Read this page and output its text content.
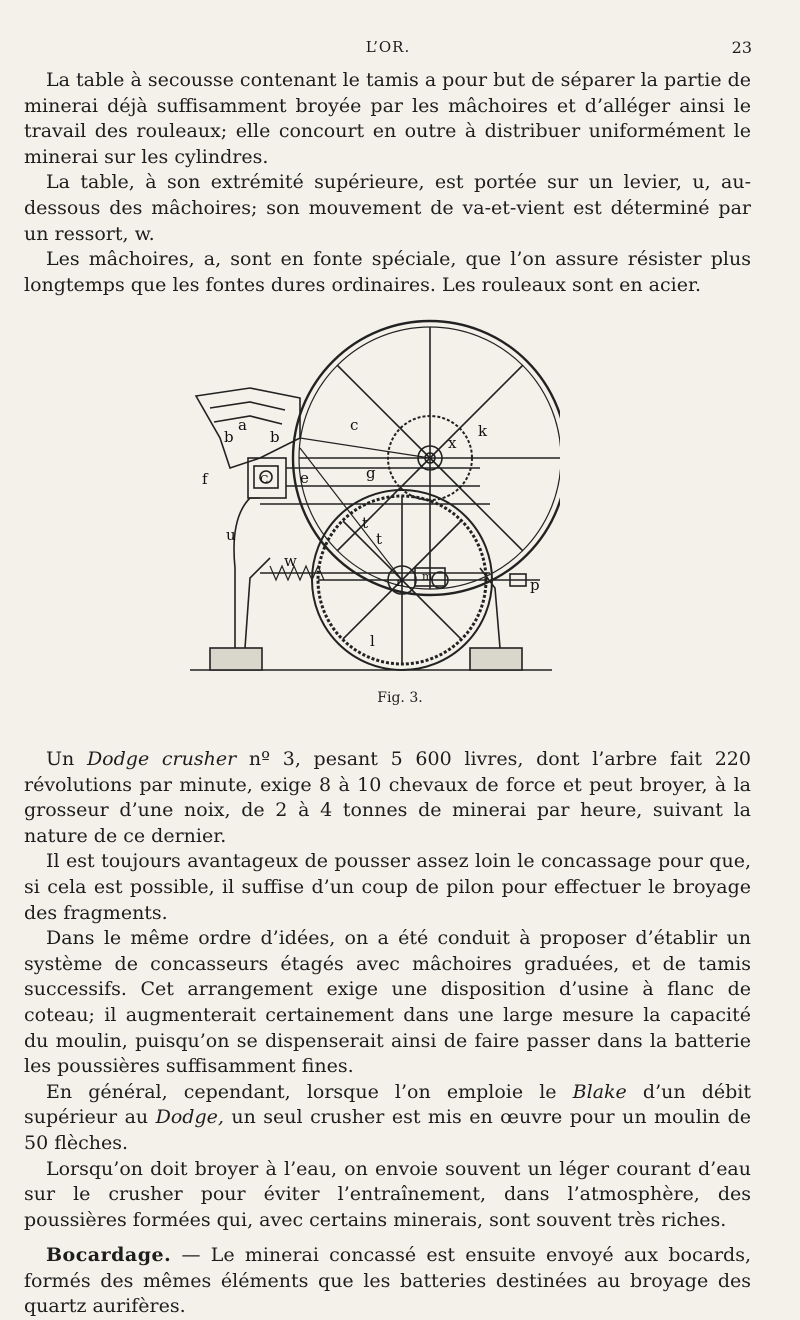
L’OR.	23

La table à secousse contenant le tamis a pour but de séparer la partie de minerai déjà suffisamment broyée par les mâchoires et d’alléger ainsi le travail des rouleaux; elle concourt en outre à distribuer uniformément le minerai sur les cylindres.

La table, à son extrémité supérieure, est portée sur un levier, u, au-dessous des mâchoires; son mouvement de va-et-vient est déterminé par un ressort, w.

Les mâchoires, a, sont en fonte spéciale, que l’on assure résister plus longtemps que les fontes dures ordinaires. Les rouleaux sont en acier.

a
b b
c
C e
f	g
k
x
t
t
u
w
m
n	p
l
Fig. 3.

Un Dodge crusher nº 3, pesant 5 600 livres, dont l’arbre fait 220 révolutions par minute, exige 8 à 10 chevaux de force et peut broyer, à la grosseur d’une noix, de 2 à 4 tonnes de minerai par heure, suivant la nature de ce dernier.

Il est toujours avantageux de pousser assez loin le concassage pour que, si cela est possible, il suffise d’un coup de pilon pour effectuer le broyage des fragments.

Dans le même ordre d’idées, on a été conduit à proposer d’établir un système de concasseurs étagés avec mâchoires graduées, et de tamis successifs. Cet arrangement exige une disposition d’usine à flanc de coteau; il augmenterait certainement dans une large mesure la capacité du moulin, puisqu’on se dispenserait ainsi de faire passer dans la batterie les poussières suffisamment fines.

En général, cependant, lorsque l’on emploie le Blake d’un débit supérieur au Dodge, un seul crusher est mis en œuvre pour un moulin de 50 flèches.

Lorsqu’on doit broyer à l’eau, on envoie souvent un léger courant d’eau sur le crusher pour éviter l’entraînement, dans l’atmosphère, des poussières formées qui, avec certains minerais, sont souvent très riches.

Bocardage. — Le minerai concassé est ensuite envoyé aux bocards, formés des mêmes éléments que les batteries destinées au broyage des quartz aurifères.
